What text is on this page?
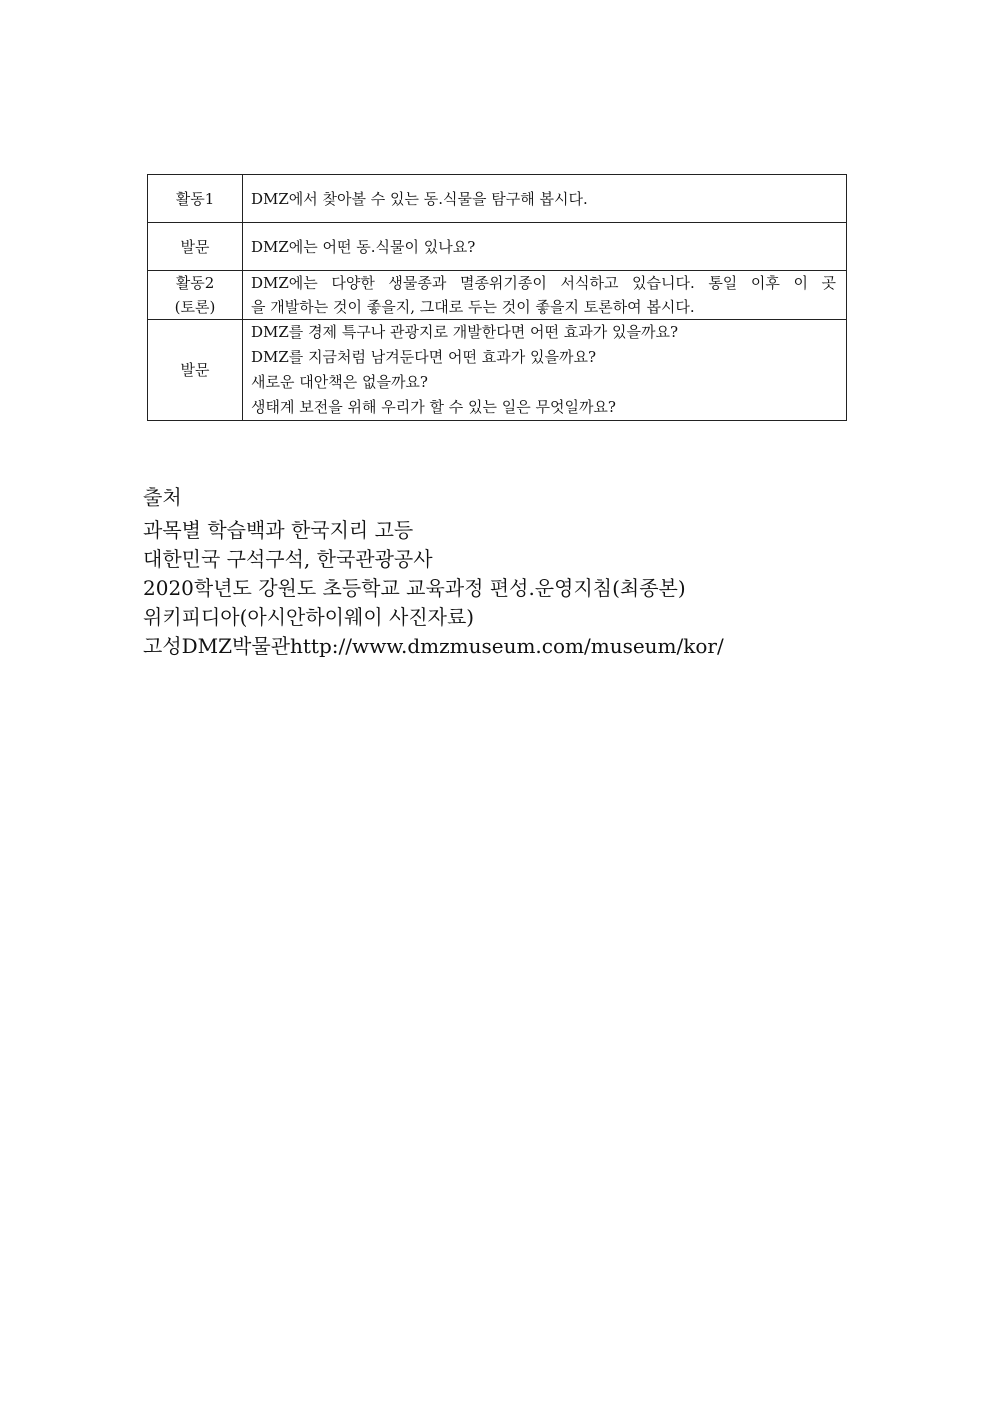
활동1	DMZ에서 찾아볼 수 있는 동.식물을 탐구해 봅시다.

발문	DMZ에는 어떤 동.식물이 있나요?

활동2
(토론)	DMZ에는 다양한 생물종과 멸종위기종이 서식하고 있습니다. 통일 이후 이 곳
을 개발하는 것이 좋을지, 그대로 두는 것이 좋을지 토론하여 봅시다.

발문	DMZ를 경제 특구나 관광지로 개발한다면 어떤 효과가 있을까요?
DMZ를 지금처럼 남겨둔다면 어떤 효과가 있을까요?
새로운 대안책은 없을까요?
생태계 보전을 위해 우리가 할 수 있는 일은 무엇일까요?
출처
과목별 학습백과 한국지리 고등
대한민국 구석구석, 한국관광공사
2020학년도 강원도 초등학교 교육과정 편성.운영지침(최종본)
위키피디아(아시안하이웨이 사진자료)
고성DMZ박물관http://www.dmzmuseum.com/museum/kor/
